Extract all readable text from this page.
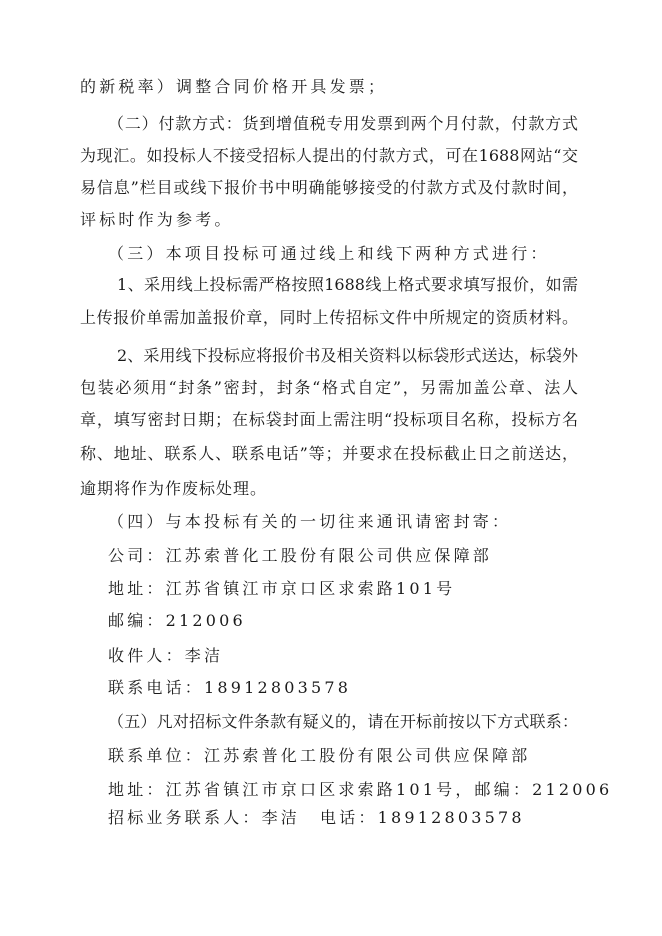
的新税率）调整合同价格开具发票；
（二）付款方式：货到增值税专用发票到两个月付款，付款方式
为现汇。如投标人不接受招标人提出的付款方式，可在1688网站“交
易信息”栏目或线下报价书中明确能够接受的付款方式及付款时间，
评标时作为参考。
（三）本项目投标可通过线上和线下两种方式进行：
1、采用线上投标需严格按照1688线上格式要求填写报价，如需
上传报价单需加盖报价章，同时上传招标文件中所规定的资质材料。
2、采用线下投标应将报价书及相关资料以标袋形式送达，标袋外
包装必须用“封条”密封，封条“格式自定”，另需加盖公章、法人
章，填写密封日期；在标袋封面上需注明“投标项目名称，投标方名
称、地址、联系人、联系电话”等；并要求在投标截止日之前送达，
逾期将作为作废标处理。
（四）与本投标有关的一切往来通讯请密封寄：
公司：江苏索普化工股份有限公司供应保障部
地址：江苏省镇江市京口区求索路101号
邮编：212006
收件人：李洁
联系电话：18912803578
（五）凡对招标文件条款有疑义的，请在开标前按以下方式联系：
联系单位：江苏索普化工股份有限公司供应保障部
地址：江苏省镇江市京口区求索路101号，邮编：212006
招标业务联系人：李洁 电话：18912803578
